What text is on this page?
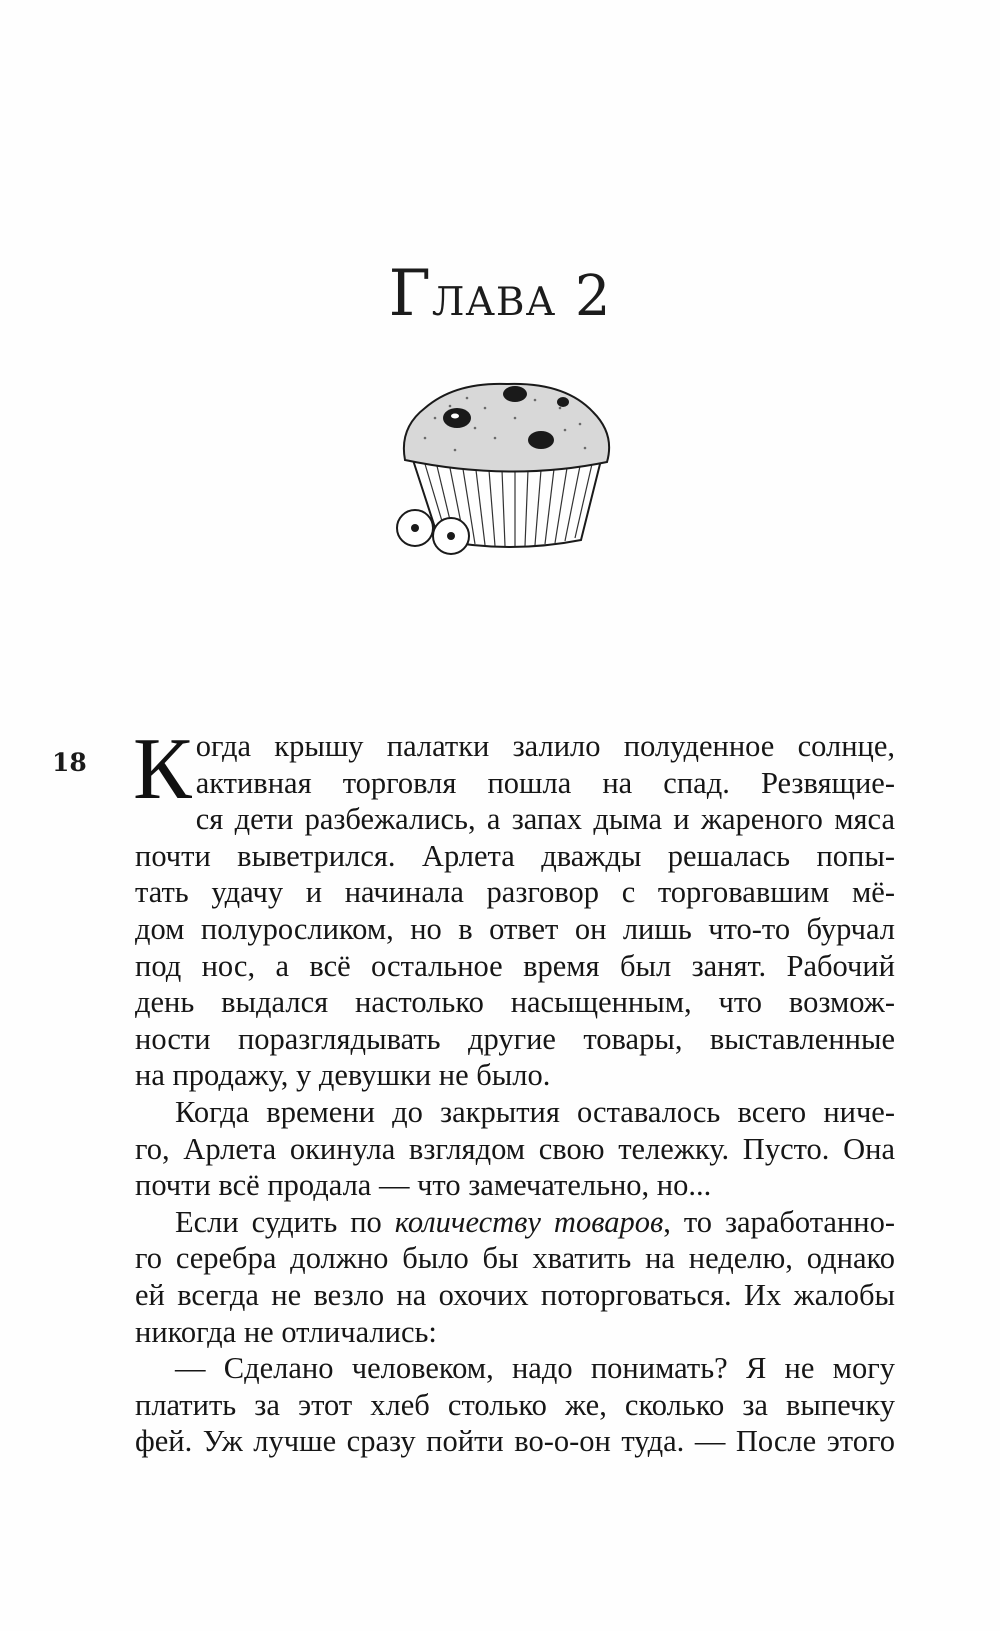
Глава 2
18 К огда крышу палатки залило полуденное солнце,
активная торговля пошла на спад. Резвящие-
ся дети разбежались, а запах дыма и жареного мяса
почти выветрился. Арлета дважды решалась попы-
тать удачу и начинала разговор с торговавшим мё-
дом полуросликом, но в ответ он лишь что-то бурчал
под нос, а всё остальное время был занят. Рабочий
день выдался настолько насыщенным, что возмож-
ности поразглядывать другие товары, выставленные
на продажу, у девушки не было.
Когда времени до закрытия оставалось всего ниче-
го, Арлета окинула взглядом свою тележку. Пусто. Она
почти всё продала — что замечательно, но...
Если судить по количеству товаров, то заработанно-
го серебра должно было бы хватить на неделю, однако
ей всегда не везло на охочих поторговаться. Их жалобы
никогда не отличались:
— Сделано человеком, надо понимать? Я не могу
платить за этот хлеб столько же, сколько за выпечку
фей. Уж лучше сразу пойти во-о-он туда. — После этого
